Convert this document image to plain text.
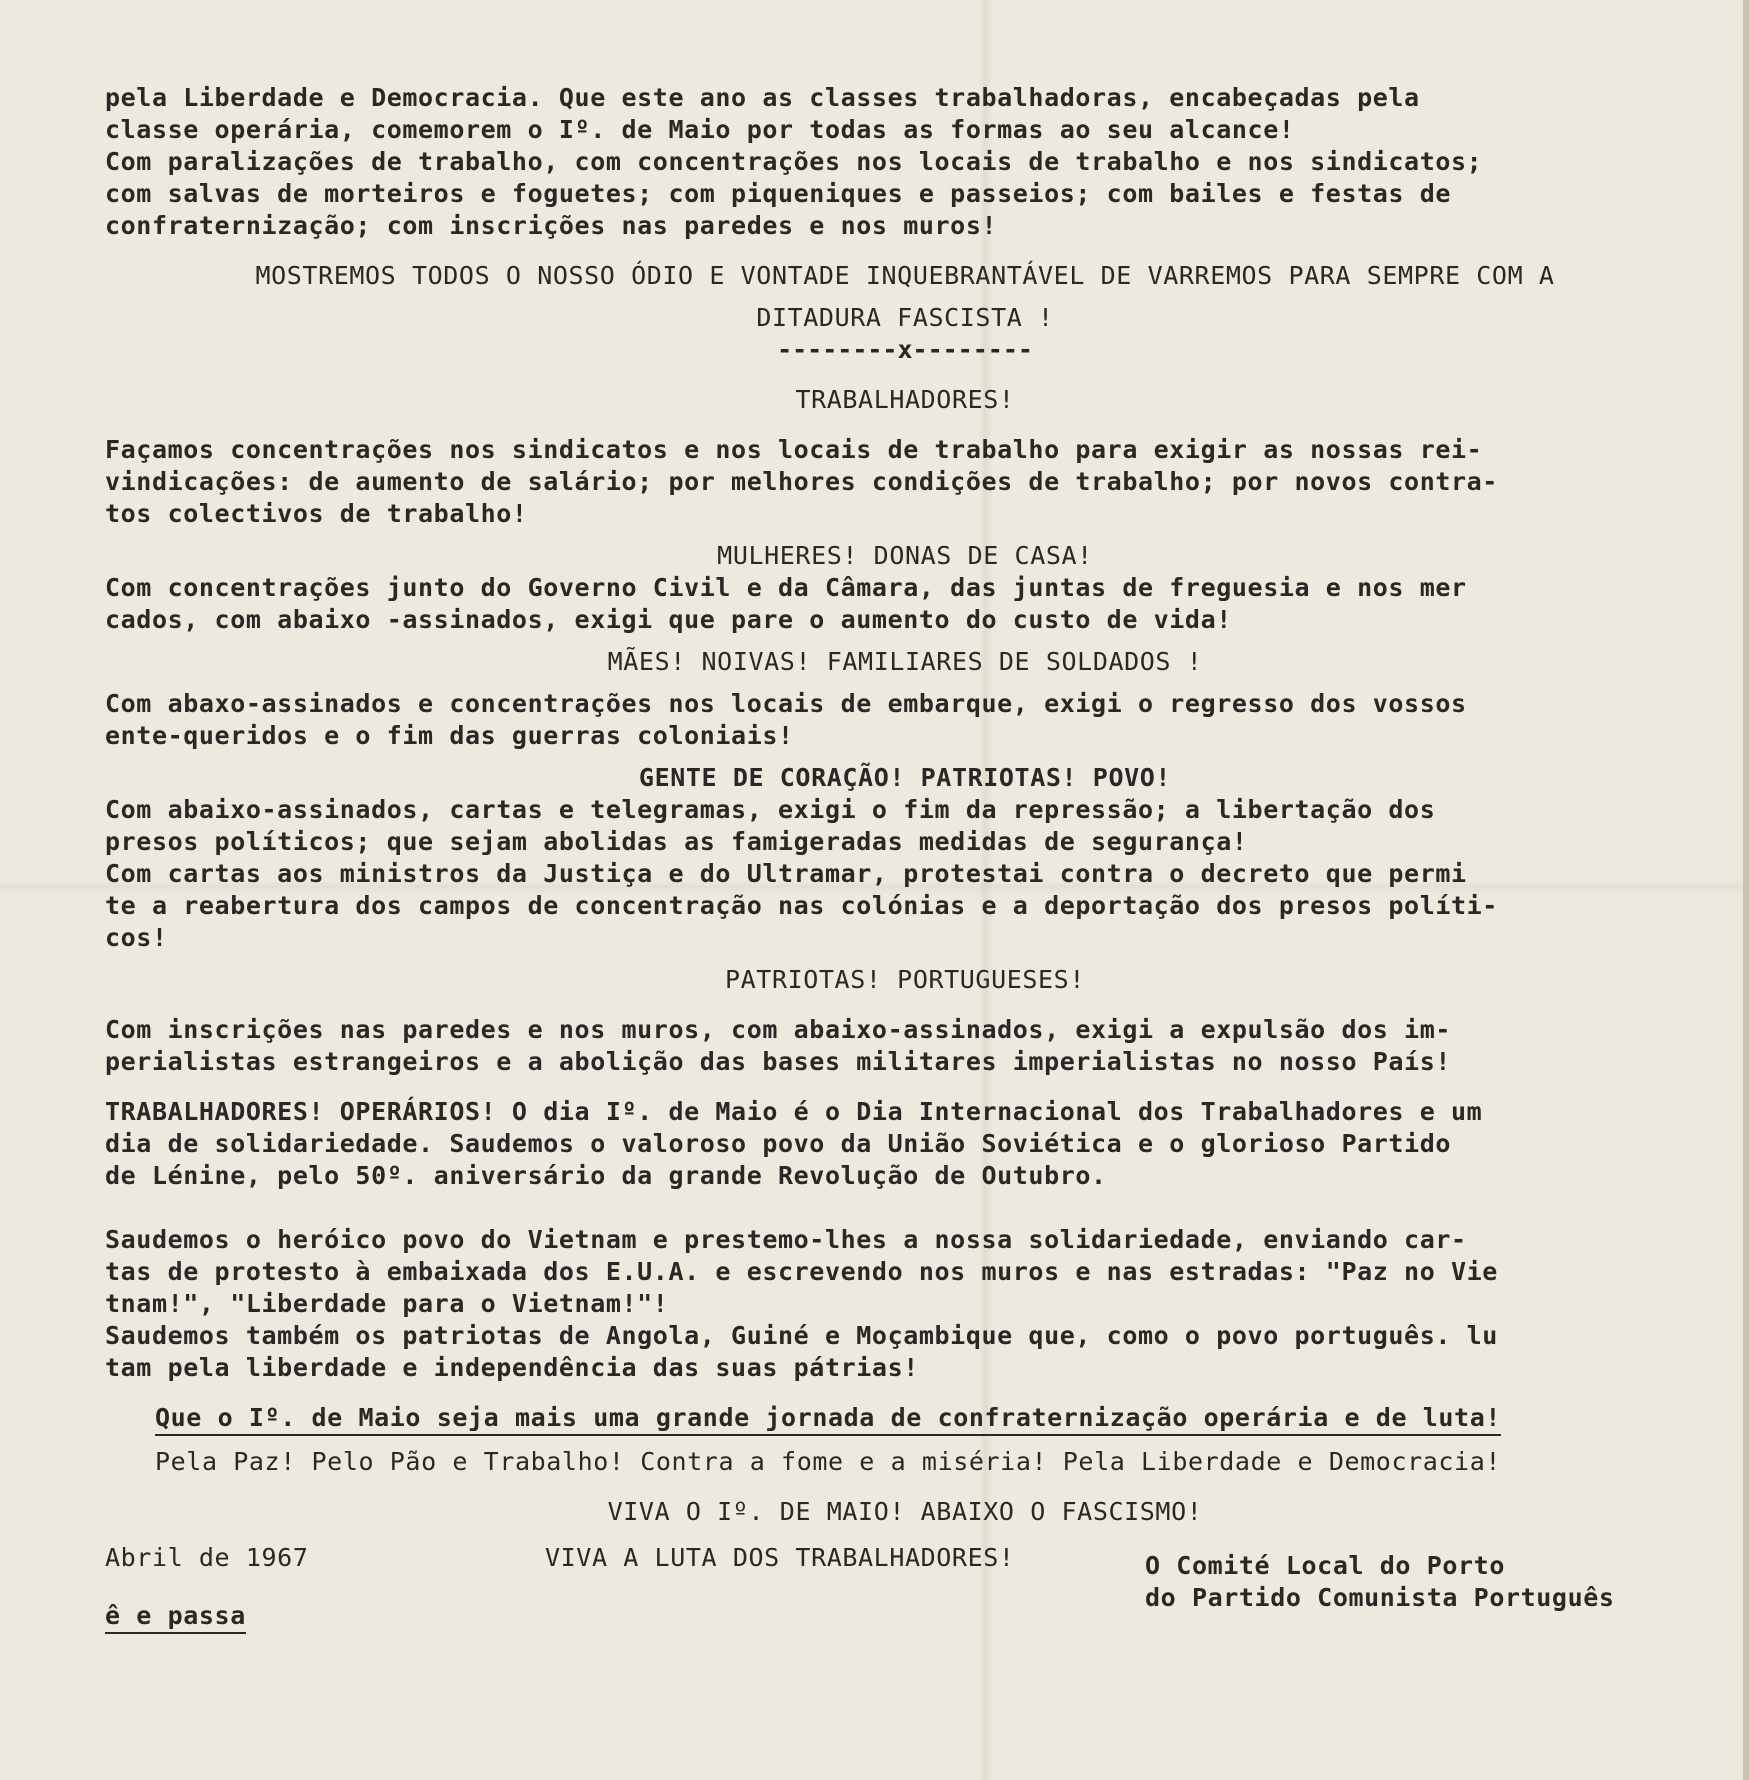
pela Liberdade e Democracia. Que este ano as classes trabalhadoras, encabeçadas pela

classe operária, comemorem o Iº. de Maio por todas as formas ao seu alcance!

Com paralizações de trabalho, com concentrações nos locais de trabalho e nos sindicatos;

com salvas de morteiros e foguetes; com piqueniques e passeios; com bailes e festas de

confraternização; com inscrições nas paredes e nos muros!

MOSTREMOS TODOS O NOSSO ÓDIO E VONTADE INQUEBRANTÁVEL DE VARREMOS PARA SEMPRE COM A

DITADURA FASCISTA !

--------x--------

TRABALHADORES!

Façamos concentrações nos sindicatos e nos locais de trabalho para exigir as nossas rei-

vindicações: de aumento de salário; por melhores condições de trabalho; por novos contra-

tos colectivos de trabalho!

MULHERES! DONAS DE CASA!

Com concentrações junto do Governo Civil e da Câmara, das juntas de freguesia e nos mer

cados, com abaixo -assinados, exigi que pare o aumento do custo de vida!

MÃES! NOIVAS! FAMILIARES DE SOLDADOS !

Com abaxo-assinados e concentrações nos locais de embarque, exigi o regresso dos vossos

ente-queridos e o fim das guerras coloniais!

GENTE DE CORAÇÃO! PATRIOTAS! POVO!

Com abaixo-assinados, cartas e telegramas, exigi o fim da repressão; a libertação dos

presos políticos; que sejam abolidas as famigeradas medidas de segurança!

Com cartas aos ministros da Justiça e do Ultramar, protestai contra o decreto que permi

te a reabertura dos campos de concentração nas colónias e a deportação dos presos políti-

cos!

PATRIOTAS! PORTUGUESES!

Com inscrições nas paredes e nos muros, com abaixo-assinados, exigi a expulsão dos im-

perialistas estrangeiros e a abolição das bases militares imperialistas no nosso País!

TRABALHADORES! OPERÁRIOS! O dia Iº. de Maio é o Dia Internacional dos Trabalhadores e um

dia de solidariedade. Saudemos o valoroso povo da União Soviética e o glorioso Partido

de Lénine, pelo 50º. aniversário da grande Revolução de Outubro.

Saudemos o heróico povo do Vietnam e prestemo-lhes a nossa solidariedade, enviando car-

tas de protesto à embaixada dos E.U.A. e escrevendo nos muros e nas estradas: "Paz no Vie

tnam!", "Liberdade para o Vietnam!"!

Saudemos também os patriotas de Angola, Guiné e Moçambique que, como o povo português. lu

tam pela liberdade e independência das suas pátrias!

Que o Iº. de Maio seja mais uma grande jornada de confraternização operária e de luta!

Pela Paz! Pelo Pão e Trabalho! Contra a fome e a miséria! Pela Liberdade e Democracia!

VIVA O Iº. DE MAIO! ABAIXO O FASCISMO!

Abril de 1967	VIVA A LUTA DOS TRABALHADORES!	O Comité Local do Porto
do Partido Comunista Português
ê e passa
